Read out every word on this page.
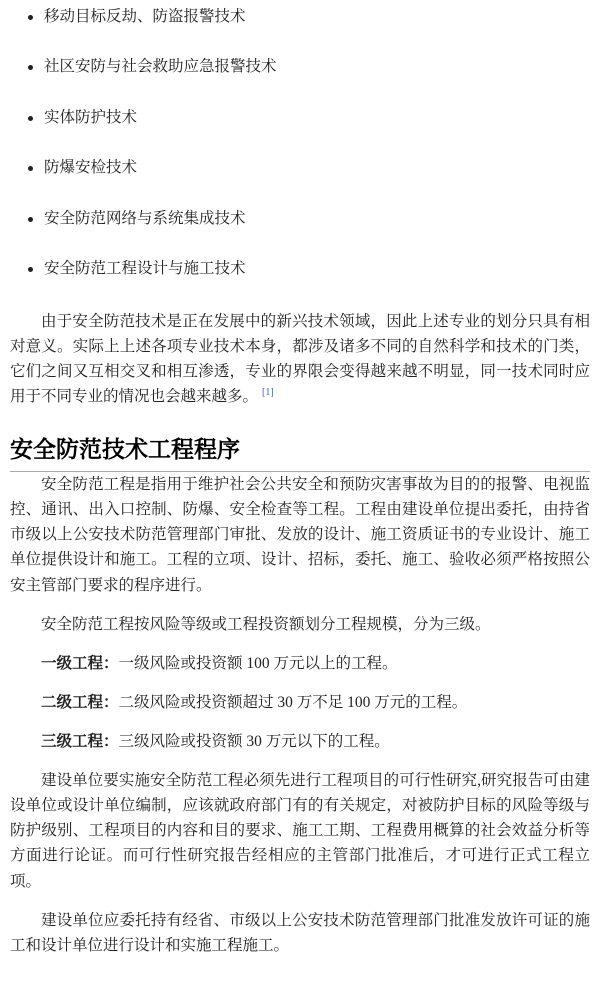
移动目标反劫、防盗报警技术
社区安防与社会救助应急报警技术
实体防护技术
防爆安检技术
安全防范网络与系统集成技术
安全防范工程设计与施工技术

由于安全防范技术是正在发展中的新兴技术领域，因此上述专业的划分只具有相对意义。实际上上述各项专业技术本身，都涉及诸多不同的自然科学和技术的门类，它们之间又互相交叉和相互渗透，专业的界限会变得越来越不明显，同一技术同时应用于不同专业的情况也会越来越多。 [1]

安全防范技术工程程序

安全防范工程是指用于维护社会公共安全和预防灾害事故为目的的报警、电视监控、通讯、出入口控制、防爆、安全检查等工程。工程由建设单位提出委托，由持省市级以上公安技术防范管理部门审批、发放的设计、施工资质证书的专业设计、施工单位提供设计和施工。工程的立项、设计、招标，委托、施工、验收必须严格按照公安主管部门要求的程序进行。

安全防范工程按风险等级或工程投资额划分工程规模，分为三级。

一级工程：一级风险或投资额 100 万元以上的工程。

二级工程：二级风险或投资额超过 30 万不足 100 万元的工程。

三级工程：三级风险或投资额 30 万元以下的工程。

建设单位要实施安全防范工程必须先进行工程项目的可行性研究,研究报告可由建设单位或设计单位编制，应该就政府部门有的有关规定，对被防护目标的风险等级与防护级别、工程项目的内容和目的要求、施工工期、工程费用概算的社会效益分析等方面进行论证。而可行性研究报告经相应的主管部门批准后，才可进行正式工程立项。

建设单位应委托持有经省、市级以上公安技术防范管理部门批准发放许可证的施工和设计单位进行设计和实施工程施工。
